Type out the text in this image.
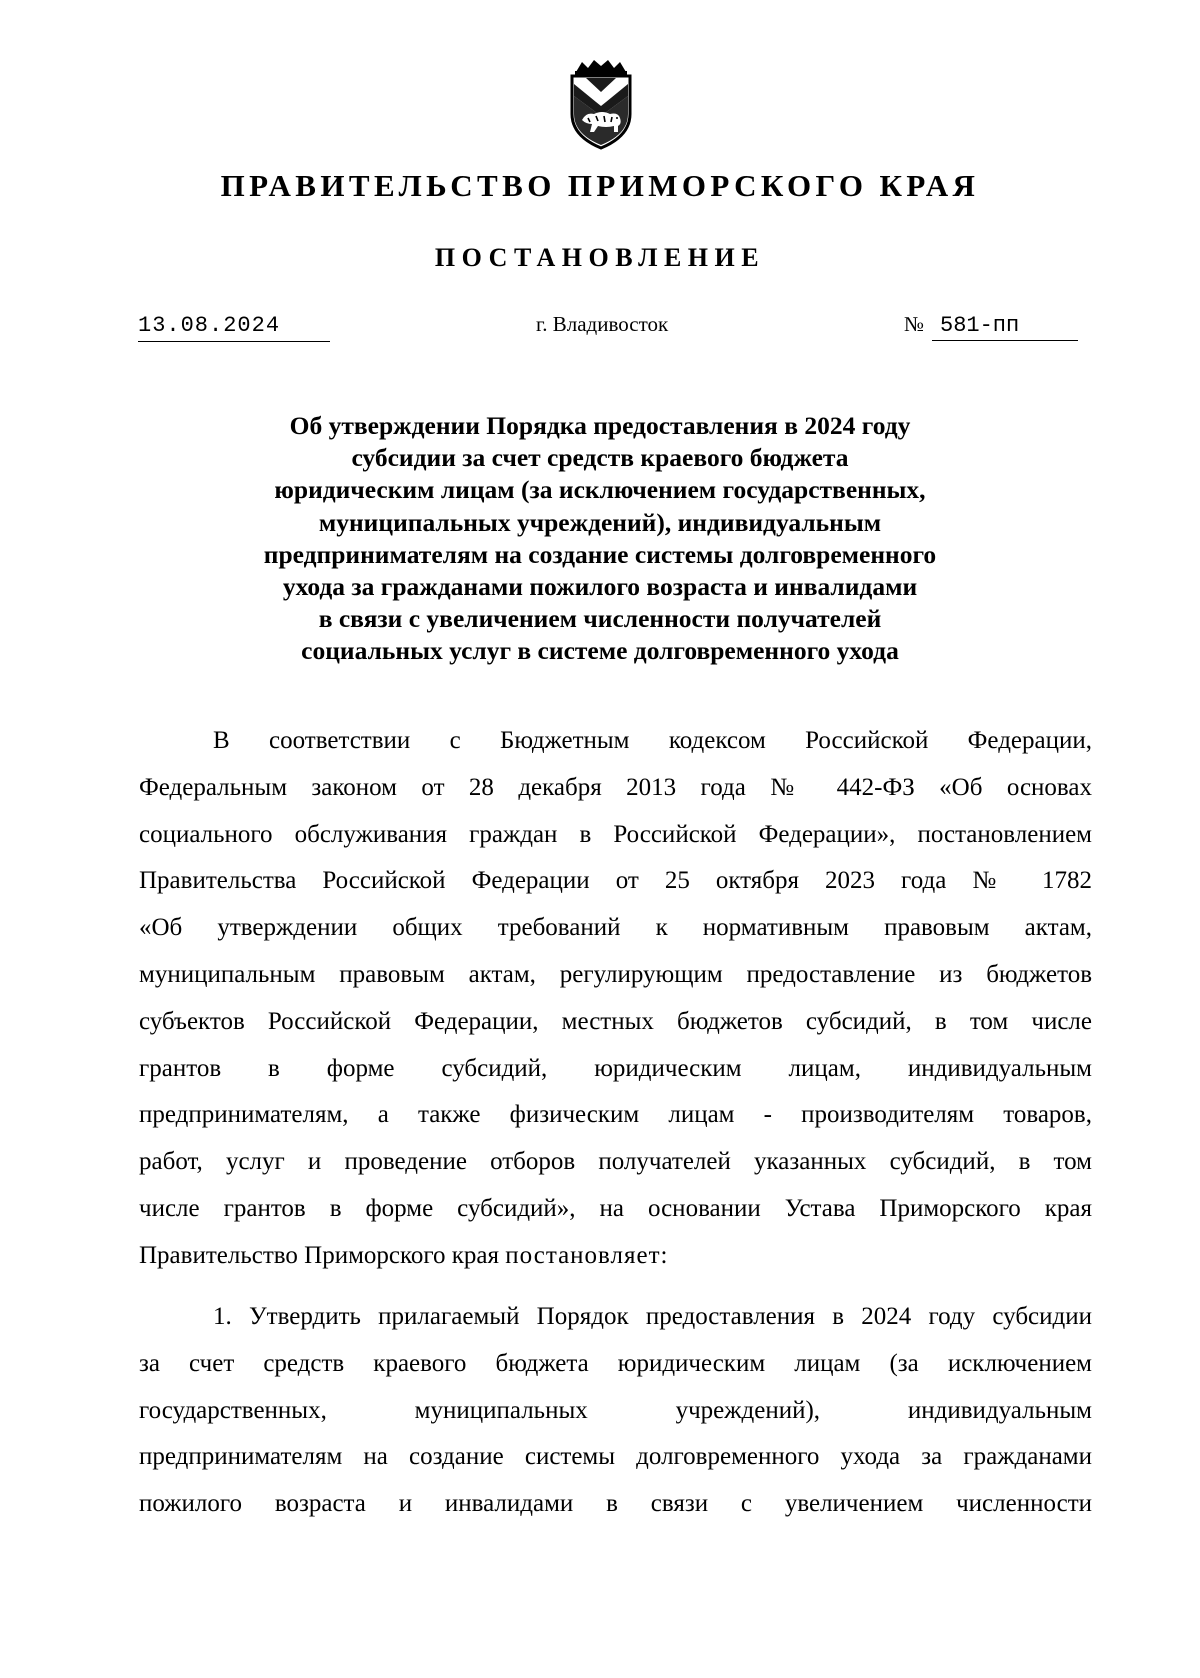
ПРАВИТЕЛЬСТВО ПРИМОРСКОГО КРАЯ
ПОСТАНОВЛЕНИЕ
13.08.2024	г. Владивосток	№ 581-пп
Об утверждении Порядка предоставления в 2024 году
субсидии за счет средств краевого бюджета
юридическим лицам (за исключением государственных,
муниципальных учреждений), индивидуальным
предпринимателям на создание системы долговременного
ухода за гражданами пожилого возраста и инвалидами
в связи с увеличением численности получателей
социальных услуг в системе долговременного ухода
В соответствии с Бюджетным кодексом Российской Федерации,
Федеральным законом от 28 декабря 2013 года № 442-ФЗ «Об основах
социального обслуживания граждан в Российской Федерации», постановлением
Правительства Российской Федерации от 25 октября 2023 года № 1782
«Об утверждении общих требований к нормативным правовым актам,
муниципальным правовым актам, регулирующим предоставление из бюджетов
субъектов Российской Федерации, местных бюджетов субсидий, в том числе
грантов в форме субсидий, юридическим лицам, индивидуальным
предпринимателям, а также физическим лицам - производителям товаров,
работ, услуг и проведение отборов получателей указанных субсидий, в том
числе грантов в форме субсидий», на основании Устава Приморского края
Правительство Приморского края постановляет:
1. Утвердить прилагаемый Порядок предоставления в 2024 году субсидии
за счет средств краевого бюджета юридическим лицам (за исключением
государственных, муниципальных учреждений), индивидуальным
предпринимателям на создание системы долговременного ухода за гражданами
пожилого возраста и инвалидами в связи с увеличением численности
